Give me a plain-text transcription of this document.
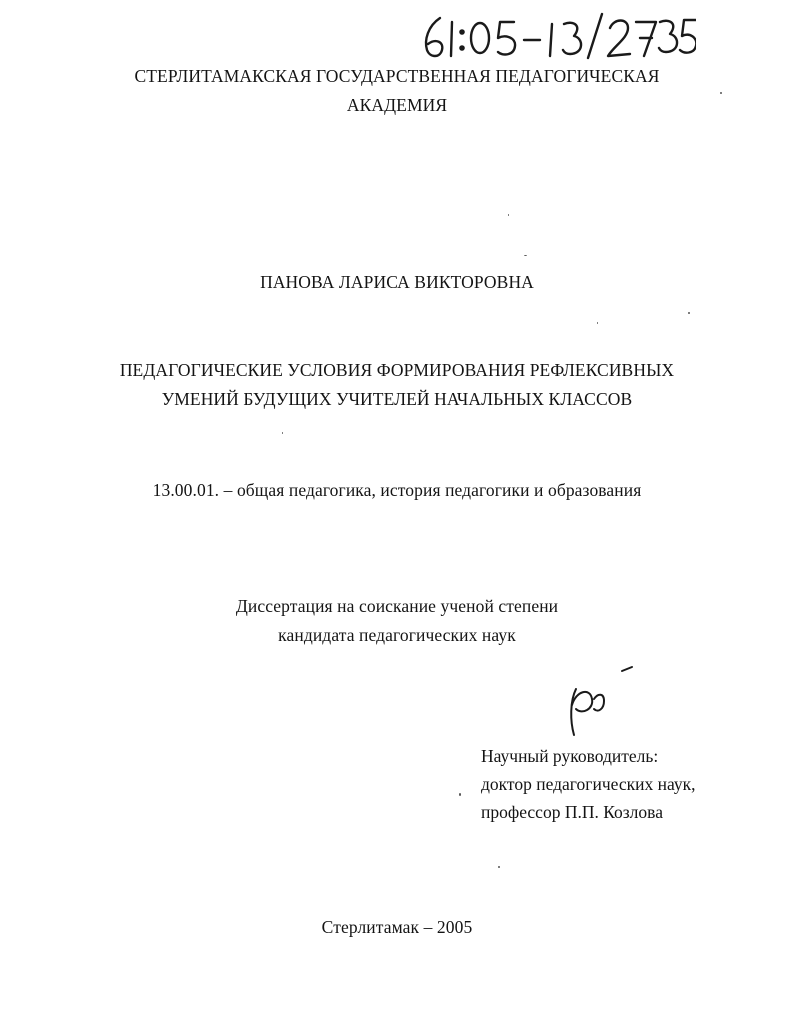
СТЕРЛИТАМАКСКАЯ ГОСУДАРСТВЕННАЯ ПЕДАГОГИЧЕСКАЯ
АКАДЕМИЯ
ПАНОВА ЛАРИСА ВИКТОРОВНА
ПЕДАГОГИЧЕСКИЕ УСЛОВИЯ ФОРМИРОВАНИЯ РЕФЛЕКСИВНЫХ
УМЕНИЙ БУДУЩИХ УЧИТЕЛЕЙ НАЧАЛЬНЫХ КЛАССОВ
13.00.01. – общая педагогика, история педагогики и образования
Диссертация на соискание ученой степени
кандидата педагогических наук
Научный руководитель:
доктор педагогических наук,
профессор П.П. Козлова
Стерлитамак – 2005
